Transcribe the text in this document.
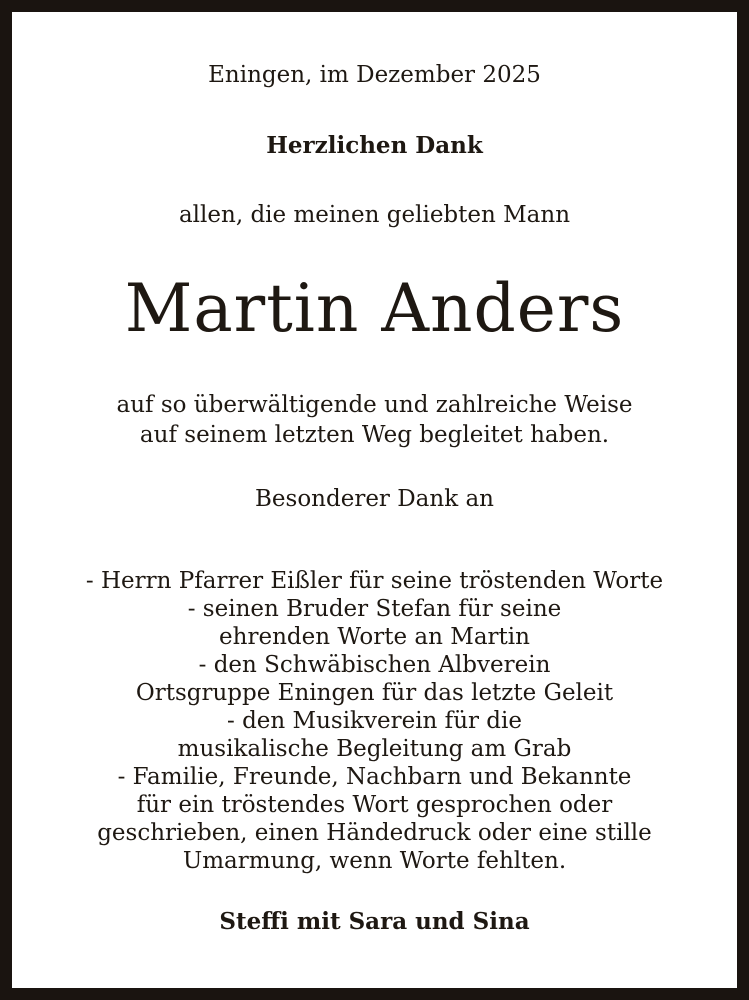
Eningen, im Dezember 2025

Herzlichen Dank

allen, die meinen geliebten Mann

Martin Anders
auf so überwältigende und zahlreiche Weise
auf seinem letzten Weg begleitet haben.

Besonderer Dank an

- Herrn Pfarrer Eißler für seine tröstenden Worte
- seinen Bruder Stefan für seine
ehrenden Worte an Martin
- den Schwäbischen Albverein
Ortsgruppe Eningen für das letzte Geleit
- den Musikverein für die
musikalische Begleitung am Grab
- Familie, Freunde, Nachbarn und Bekannte
für ein tröstendes Wort gesprochen oder
geschrieben, einen Händedruck oder eine stille
Umarmung, wenn Worte fehlten.

Steffi mit Sara und Sina
